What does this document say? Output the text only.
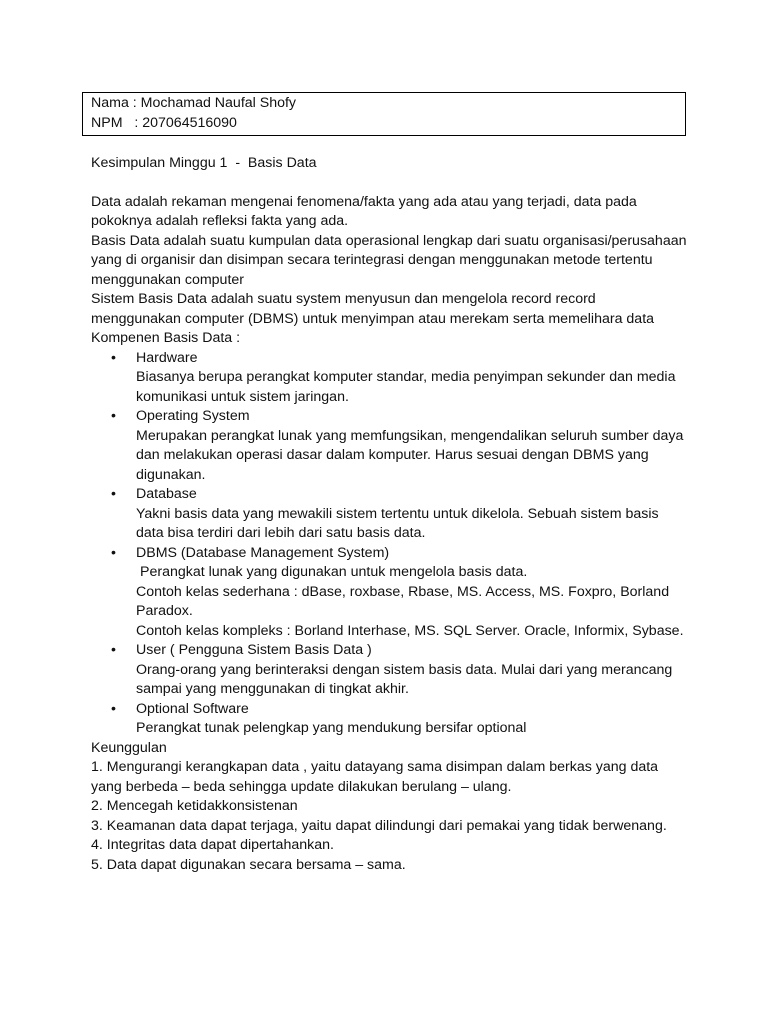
Nama : Mochamad Naufal Shofy
NPM   : 207064516090
Kesimpulan Minggu 1  -  Basis Data

Data adalah rekaman mengenai fenomena/fakta yang ada atau yang terjadi, data pada pokoknya adalah refleksi fakta yang ada.

Basis Data adalah suatu kumpulan data operasional lengkap dari suatu organisasi/perusahaan yang di organisir dan disimpan secara terintegrasi dengan menggunakan metode tertentu menggunakan computer

Sistem Basis Data adalah suatu system menyusun dan mengelola record record menggunakan computer (DBMS) untuk menyimpan atau merekam serta memelihara data

Kompenen Basis Data :

• Hardware
Biasanya berupa perangkat komputer standar, media penyimpan sekunder dan media komunikasi untuk sistem jaringan.
• Operating System
Merupakan perangkat lunak yang memfungsikan, mengendalikan seluruh sumber daya dan melakukan operasi dasar dalam komputer. Harus sesuai dengan DBMS yang digunakan.
• Database
Yakni basis data yang mewakili sistem tertentu untuk dikelola. Sebuah sistem basis data bisa terdiri dari lebih dari satu basis data.
• DBMS (Database Management System)
Perangkat lunak yang digunakan untuk mengelola basis data.
Contoh kelas sederhana : dBase, roxbase, Rbase, MS. Access, MS. Foxpro, Borland Paradox.
Contoh kelas kompleks : Borland Interhase, MS. SQL Server. Oracle, Informix, Sybase.
• User ( Pengguna Sistem Basis Data )
Orang-orang yang berinteraksi dengan sistem basis data. Mulai dari yang merancang sampai yang menggunakan di tingkat akhir.
• Optional Software
Perangkat tunak pelengkap yang mendukung bersifar optional

Keunggulan

1. Mengurangi kerangkapan data , yaitu datayang sama disimpan dalam berkas yang data yang berbeda – beda sehingga update dilakukan berulang – ulang.
2. Mencegah ketidakkonsistenan
3. Keamanan data dapat terjaga, yaitu dapat dilindungi dari pemakai yang tidak berwenang.
4. Integritas data dapat dipertahankan.
5. Data dapat digunakan secara bersama – sama.
